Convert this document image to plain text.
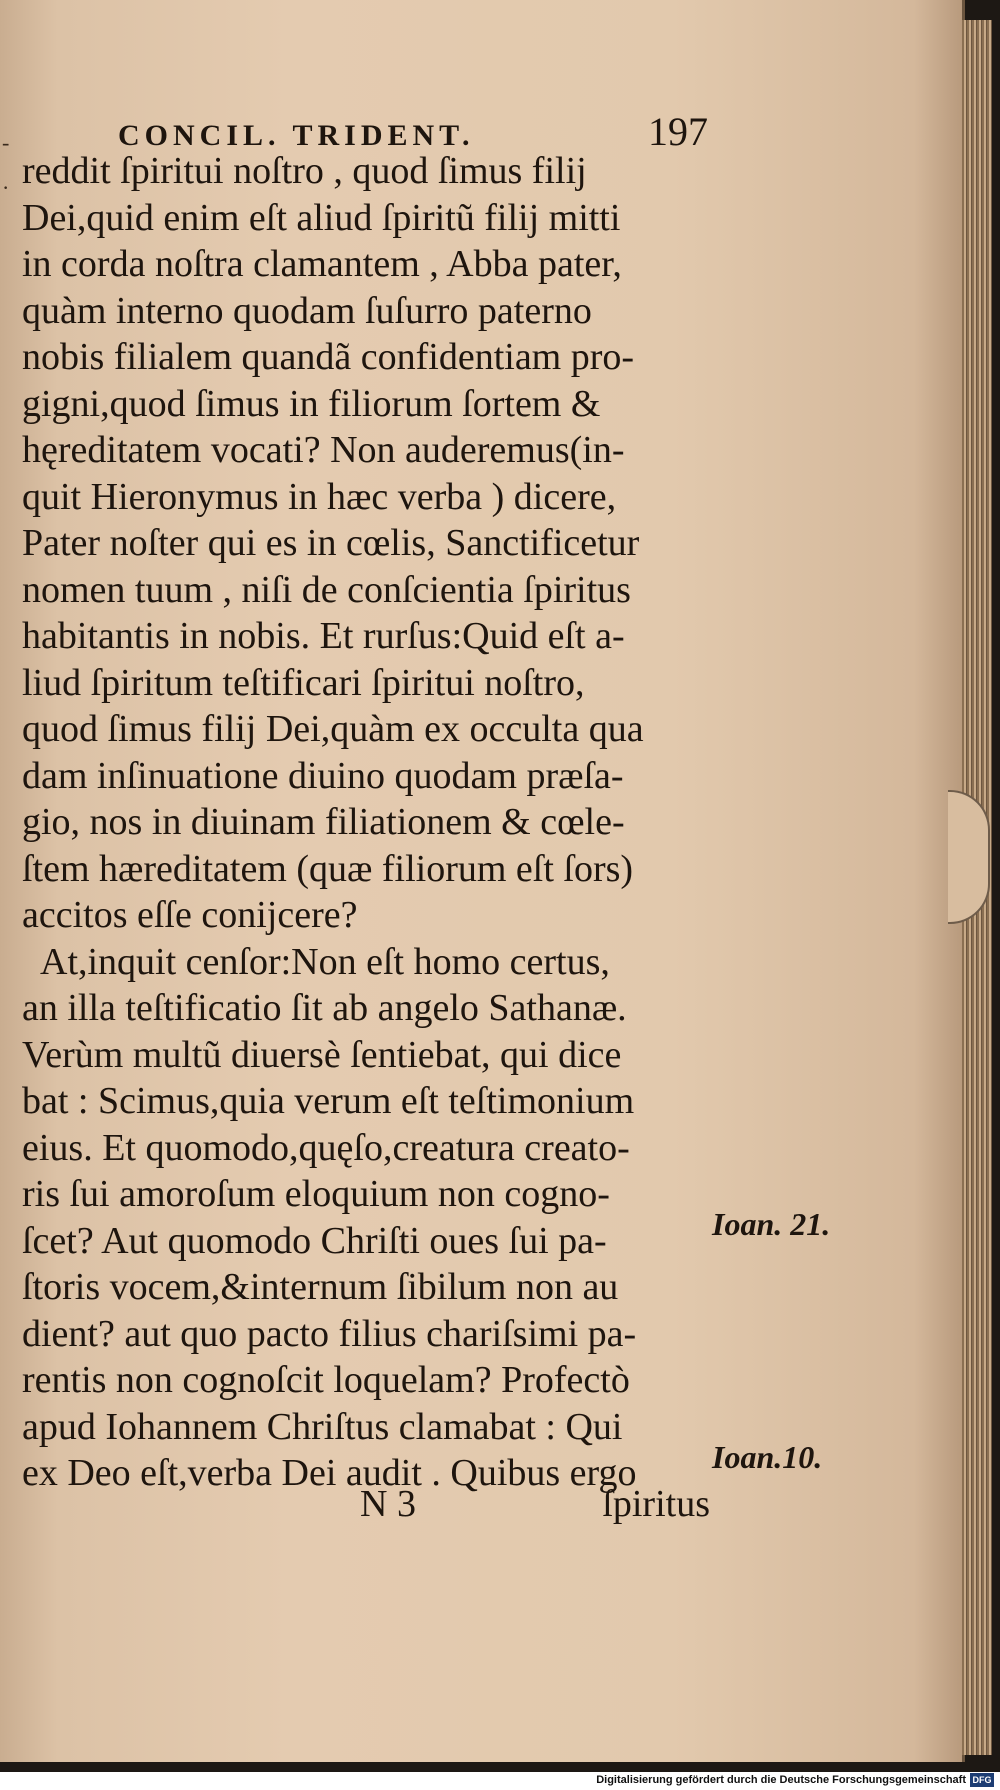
CONCIL. TRIDENT.	197
-
· reddit ſpiritui noſtro , quod ſimus filij
Dei,quid enim eſt aliud ſpiritũ filij mitti
in corda noſtra clamantem , Abba pater,
quàm interno quodam ſuſurro paterno
nobis filialem quandã confidentiam pro-
gigni,quod ſimus in filiorum ſortem &
hęreditatem vocati? Non auderemus(in-
quit Hieronymus in hæc verba ) dicere,
Pater noſter qui es in cœlis, Sanctificetur
nomen tuum , niſi de conſcientia ſpiritus
habitantis in nobis. Et rurſus:Quid eſt a-
liud ſpiritum teſtificari ſpiritui noſtro,
quod ſimus filij Dei,quàm ex occulta qua
dam inſinuatione diuino quodam præſa-
gio, nos in diuinam filiationem & cœle-
ſtem hæreditatem (quæ filiorum eſt ſors)
accitos eſſe conijcere?
At,inquit cenſor:Non eſt homo certus,
an illa teſtificatio ſit ab angelo Sathanæ.
Verùm multũ diuersè ſentiebat, qui dice
bat : Scimus,quia verum eſt teſtimonium
eius. Et quomodo,quęſo,creatura creato-
ris ſui amoroſum eloquium non cogno-
ſcet? Aut quomodo Chriſti oues ſui pa-
ſtoris vocem,&internum ſibilum non au
dient? aut quo pacto filius chariſsimi pa-
rentis non cognoſcit loquelam? Profectò
apud Iohannem Chriſtus clamabat : Qui
ex Deo eſt,verba Dei audit . Quibus ergo
Ioan. 21.
Ioan.10.
N 3	ſpiritus
Digitalisierung gefördert durch die Deutsche Forschungsgemeinschaft DFG
